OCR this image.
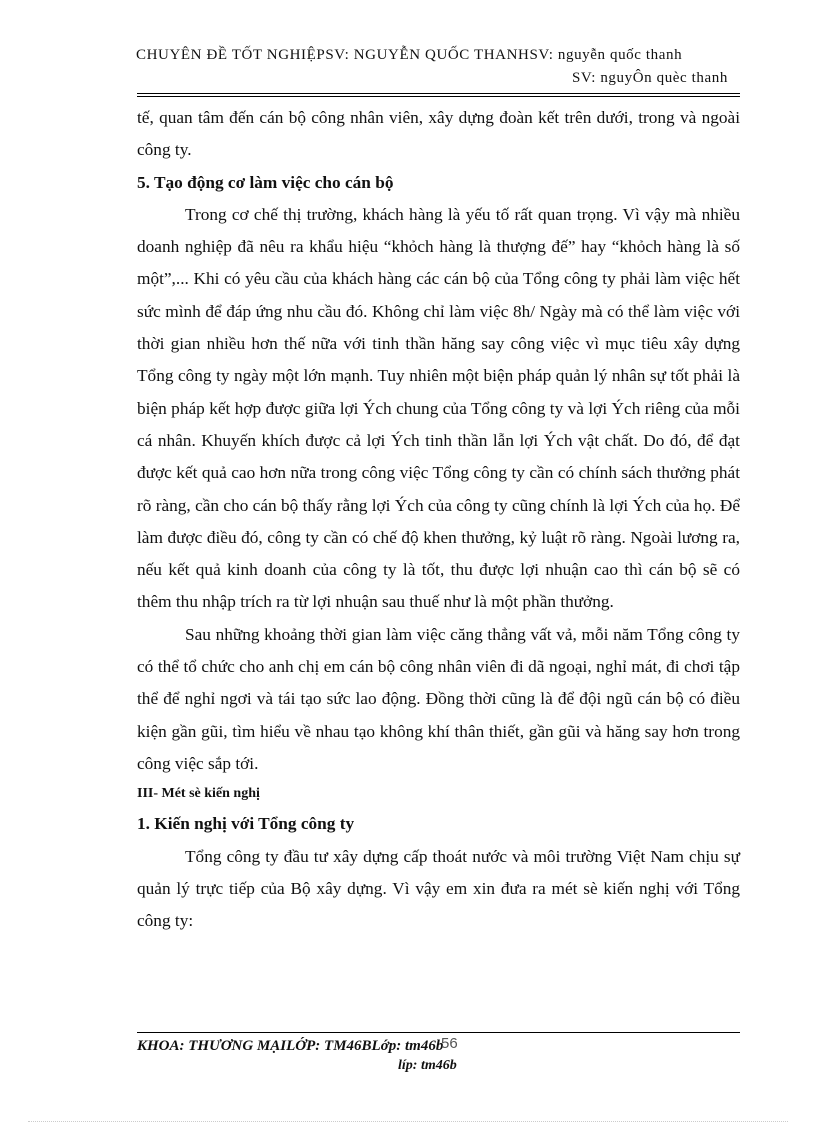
CHUYÊN ĐỀ TỐT NGHIỆPSV: NGUYỄN QUỐC THANHSV: nguyễn quốc thanh
SV: nguyÔn quèc thanh

tế, quan tâm đến cán bộ công nhân viên, xây dựng đoàn kết trên dưới, trong và ngoài công ty.

5. Tạo động cơ làm việc cho cán bộ

Trong cơ chế thị trường, khách hàng là yếu tố rất quan trọng. Vì vậy mà nhiều doanh nghiệp đã nêu ra khẩu hiệu “khỏch hàng là thượng đế” hay “khỏch hàng là số một”,... Khi có yêu cầu của khách hàng các cán bộ của Tổng công ty phải làm việc hết sức mình để đáp ứng nhu cầu đó. Không chỉ làm việc 8h/ Ngày mà có thể làm việc với thời gian nhiều hơn thế nữa với tinh thần hăng say công việc vì mục tiêu xây dựng Tổng công ty ngày một lớn mạnh. Tuy nhiên một biện pháp quản lý nhân sự tốt phải là biện pháp kết hợp được giữa lợi Ých chung của Tổng công ty và lợi Ých riêng của mỗi cá nhân. Khuyến khích được cả lợi Ých tinh thần lẫn lợi Ých vật chất. Do đó, để đạt được kết quả cao hơn nữa trong công việc Tổng công ty cần có chính sách thưởng phát rõ ràng, cần cho cán bộ thấy rằng lợi Ých của công ty cũng chính là lợi Ých của họ. Để làm được điều đó, công ty cần có chế độ khen thưởng, kỷ luật rõ ràng. Ngoài lương ra, nếu kết quả kinh doanh của công ty là tốt, thu được lợi nhuận cao thì cán bộ sẽ có thêm thu nhập trích ra từ lợi nhuận sau thuế như là một phần thưởng.

Sau những khoảng thời gian làm việc căng thẳng vất vả, mỗi năm Tổng công ty có thể tổ chức cho anh chị em cán bộ công nhân viên đi dã ngoại, nghỉ mát, đi chơi tập thể để nghỉ ngơi và tái tạo sức lao động. Đồng thời cũng là để đội ngũ cán bộ có điều kiện gần gũi, tìm hiểu về nhau tạo không khí thân thiết, gần gũi và hăng say hơn trong công việc sắp tới.

III- Mét sè kiến nghị

1. Kiến nghị với Tổng công ty

Tổng công ty đầu tư xây dựng cấp thoát nước và môi trường Việt Nam chịu sự quản lý trực tiếp của Bộ xây dựng. Vì vậy em xin đưa ra mét sè kiến nghị với Tổng công ty:

KHOA: THƯƠNG MẠILỚP: TM46BLớp: tm46b
56
líp: tm46b
